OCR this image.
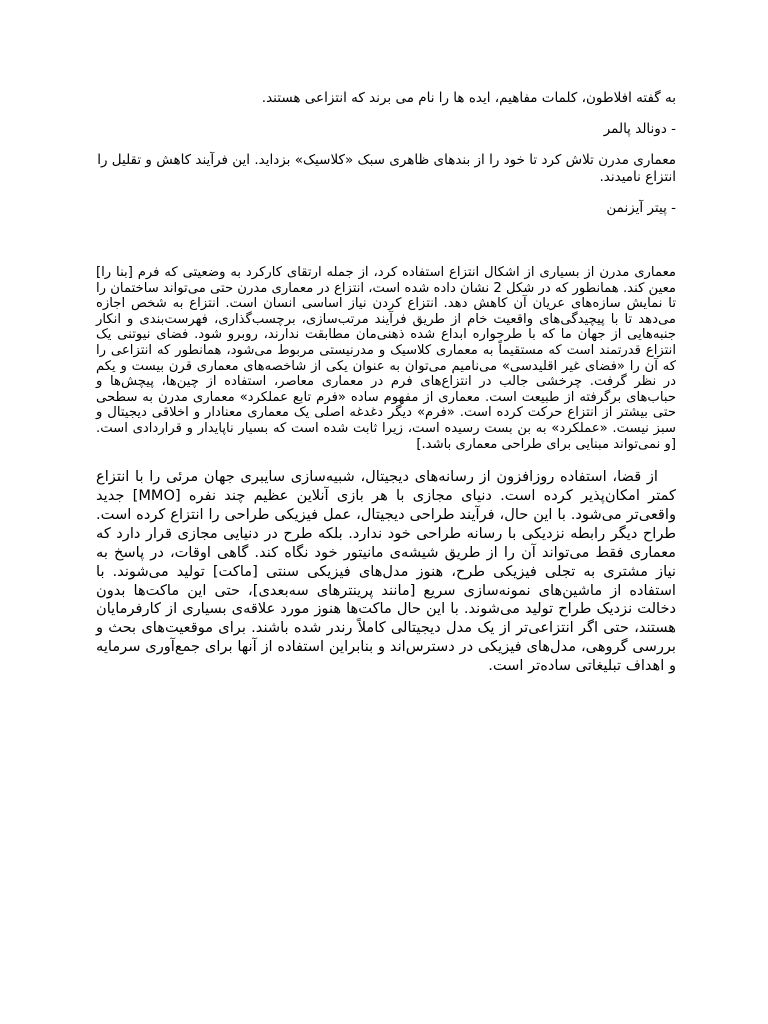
به گفته افلاطون، کلمات مفاهیم، ایده ها را نام می برند که انتزاعی هستند.

- دونالد پالمر

معماری مدرن تلاش کرد تا خود را از بندهای ظاهری سبک «کلاسیک» بزداید. این فرآیند کاهش و تقلیل را انتزاع نامیدند.

- پیتر آیزنمن

معماری مدرن از بسیاری از اشکال انتزاع استفاده کرد، از جمله ارتقای کارکرد به وضعیتی که فرم [بنا را] معین کند. همانطور که در شکل 2 نشان داده شده است، انتزاع در معماری مدرن حتی می‌تواند ساختمان را تا نمایش سازه‌های عریان آن کاهش دهد. انتزاع کردن نیاز اساسی انسان است. انتزاع به شخص اجازه می‌دهد تا با پیچیدگی‌های واقعیت خام از طریق فرآیند مرتب‌سازی، برچسب‌گذاری، فهرست‌بندی و انکار جنبه‌هایی از جهان ما که با طرحواره ابداع شده ذهنی‌مان مطابقت ندارند، روبرو شود. فضای نیوتنی یک انتزاع قدرتمند است که مستقیماً به معماری کلاسیک و مدرنیستی مربوط می‌شود، همانطور که انتزاعی را که آن را «فضای غیر اقلیدسی» می‌نامیم می‌توان به عنوان یکی از شاخصه‌های معماری قرن بیست و یکم در نظر گرفت. چرخشی جالب در انتزاع‌های فرم در معماری معاصر، استفاده از چین‌ها، پیچش‌ها و حباب‌های برگرفته از طبیعت است. معماری از مفهوم ساده «فرم تابع عملکرد» معماری مدرن به سطحی حتی بیشتر از انتزاع حرکت کرده است. «فرم» دیگر دغدغه اصلی یک معماری معنادار و اخلاقی دیجیتال و سبز نیست. «عملکرد» به بن بست رسیده است، زیرا ثابت شده است که بسیار ناپایدار و قراردادی است. [و نمی‌تواند مبنایی برای طراحی معماری باشد.]

از قضا، استفاده روزافزون از رسانه‌های دیجیتال، شبیه‌سازی سایبری جهان مرئی را با انتزاع کمتر امکان‌پذیر کرده است. دنیای مجازی با هر بازی آنلاین عظیم چند نفره [MMO] جدید واقعی‌تر می‌شود. با این حال، فرآیند طراحی دیجیتال، عمل فیزیکی طراحی را انتزاع کرده است. طراح دیگر رابطه نزدیکی با رسانه طراحی خود ندارد. بلکه طرح در دنیایی مجازی قرار دارد که معماری فقط می‌تواند آن را از طریق شیشه‌ی مانیتور خود نگاه کند. گاهی اوقات، در پاسخ به نیاز مشتری به تجلی فیزیکی طرح، هنوز مدل‌های فیزیکی سنتی [ماکت] تولید می‌شوند. با استفاده از ماشین‌های نمونه‌سازی سریع [مانند پرینترهای سه‌بعدی]، حتی این ماکت‌ها بدون دخالت نزدیک طراح تولید می‌شوند. با این حال ماکت‌ها هنوز مورد علاقه‌ی بسیاری از کارفرمایان هستند، حتی اگر انتزاعی‌تر از یک مدل دیجیتالی کاملاً رندر شده باشند. برای موقعیت‌های بحث و بررسی گروهی، مدل‌های فیزیکی در دسترس‌اند و بنابراین استفاده از آنها برای جمع‌آوری سرمایه و اهداف تبلیغاتی ساده‌تر است.
